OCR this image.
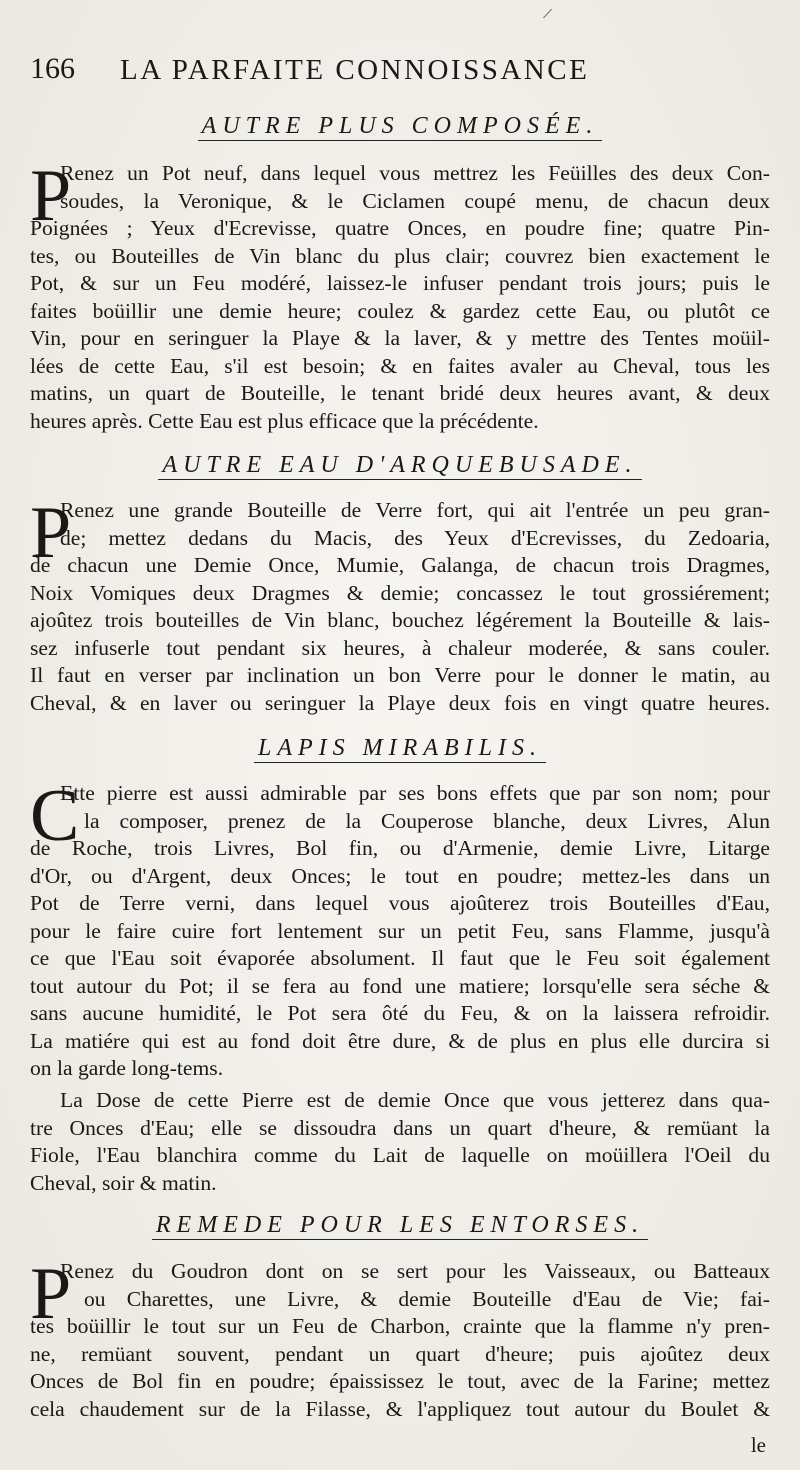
/
166 LA PARFAITE CONNOISSANCE
AUTRE PLUS COMPOSÉE.
P
Renez un Pot neuf, dans lequel vous mettrez les Feüilles des deux Con-
soudes, la Veronique, & le Ciclamen coupé menu, de chacun deux
Poignées ; Yeux d'Ecrevisse, quatre Onces, en poudre fine; quatre Pin-
tes, ou Bouteilles de Vin blanc du plus clair; couvrez bien exactement le
Pot, & sur un Feu modéré, laissez-le infuser pendant trois jours; puis le
faites boüillir une demie heure; coulez & gardez cette Eau, ou plutôt ce
Vin, pour en seringuer la Playe & la laver, & y mettre des Tentes moüil-
lées de cette Eau, s'il est besoin; & en faites avaler au Cheval, tous les
matins, un quart de Bouteille, le tenant bridé deux heures avant, & deux
heures après. Cette Eau est plus efficace que la précédente.
AUTRE EAU D'ARQUEBUSADE.
P
Renez une grande Bouteille de Verre fort, qui ait l'entrée un peu gran-
de; mettez dedans du Macis, des Yeux d'Ecrevisses, du Zedoaria,
de chacun une Demie Once, Mumie, Galanga, de chacun trois Dragmes,
Noix Vomiques deux Dragmes & demie; concassez le tout grossiérement;
ajoûtez trois bouteilles de Vin blanc, bouchez légérement la Bouteille & lais-
sez infuserle tout pendant six heures, à chaleur moderée, & sans couler.
Il faut en verser par inclination un bon Verre pour le donner le matin, au
Cheval, & en laver ou seringuer la Playe deux fois en vingt quatre heures.
LAPIS MIRABILIS.
C
Ette pierre est aussi admirable par ses bons effets que par son nom; pour
la composer, prenez de la Couperose blanche, deux Livres, Alun
de Roche, trois Livres, Bol fin, ou d'Armenie, demie Livre, Litarge
d'Or, ou d'Argent, deux Onces; le tout en poudre; mettez-les dans un
Pot de Terre verni, dans lequel vous ajoûterez trois Bouteilles d'Eau,
pour le faire cuire fort lentement sur un petit Feu, sans Flamme, jusqu'à
ce que l'Eau soit évaporée absolument. Il faut que le Feu soit également
tout autour du Pot; il se fera au fond une matiere; lorsqu'elle sera séche &
sans aucune humidité, le Pot sera ôté du Feu, & on la laissera refroidir.
La matiére qui est au fond doit être dure, & de plus en plus elle durcira si
on la garde long-tems.
La Dose de cette Pierre est de demie Once que vous jetterez dans qua-
tre Onces d'Eau; elle se dissoudra dans un quart d'heure, & remüant la
Fiole, l'Eau blanchira comme du Lait de laquelle on moüillera l'Oeil du
Cheval, soir & matin.
REMEDE POUR LES ENTORSES.
P
Renez du Goudron dont on se sert pour les Vaisseaux, ou Batteaux
ou Charettes, une Livre, & demie Bouteille d'Eau de Vie; fai-
tes boüillir le tout sur un Feu de Charbon, crainte que la flamme n'y pren-
ne, remüant souvent, pendant un quart d'heure; puis ajoûtez deux
Onces de Bol fin en poudre; épaississez le tout, avec de la Farine; mettez
cela chaudement sur de la Filasse, & l'appliquez tout autour du Boulet &
le
